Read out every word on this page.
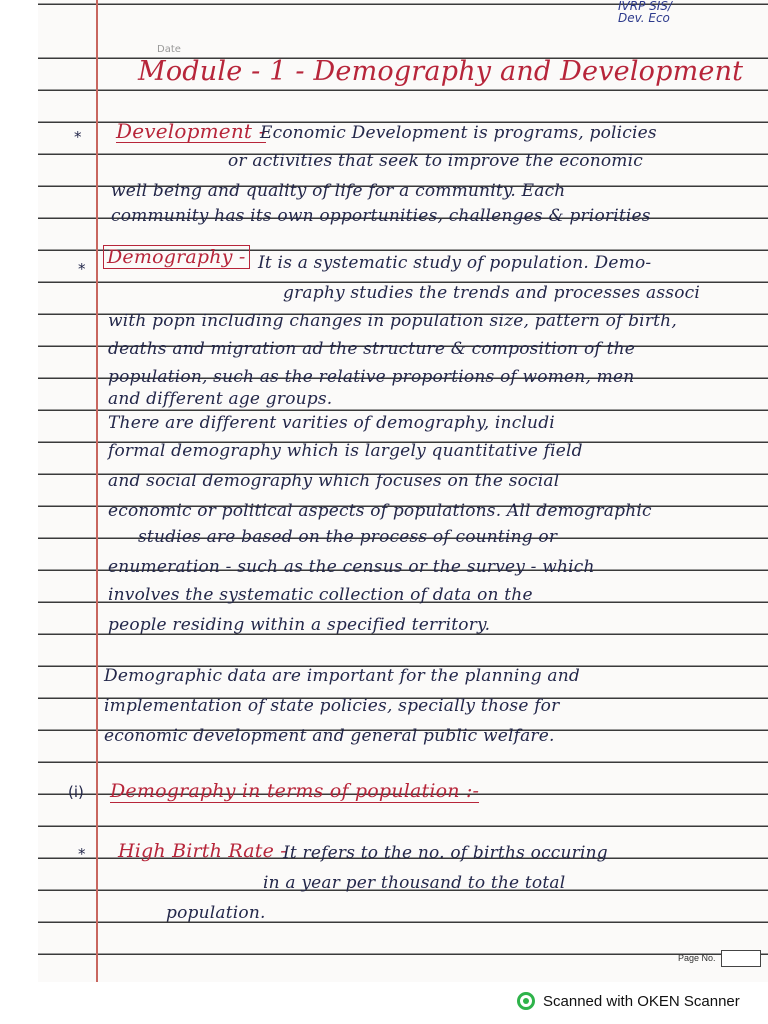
IVRP SIS/
Dev. Eco
Date
Module - 1 - Demography and Development
* Development -
Economic Development is programs, policies
or activities that seek to improve the economic
well being and quality of life for a community. Each
community has its own opportunities, challenges & priorities
*
Demography - It is a systematic study of population. Demo-
graphy studies the trends and processes associ
with popn including changes in population size, pattern of birth,
deaths and migration ad the structure & composition of the
population, such as the relative proportions of women, men
and different age groups.
There are different varities of demography, includi
formal demography which is largely quantitative field
and social demography which focuses on the social
economic or political aspects of populations. All demographic
studies are based on the process of counting or
enumeration - such as the census or the survey - which
involves the systematic collection of data on the
people residing within a specified territory.
Demographic data are important for the planning and
implementation of state policies, specially those for
economic development and general public welfare.
(i) Demography in terms of population :-
* High Birth Rate -
It refers to the no. of births occuring
in a year per thousand to the total
population.
Page No.
Scanned with OKEN Scanner
